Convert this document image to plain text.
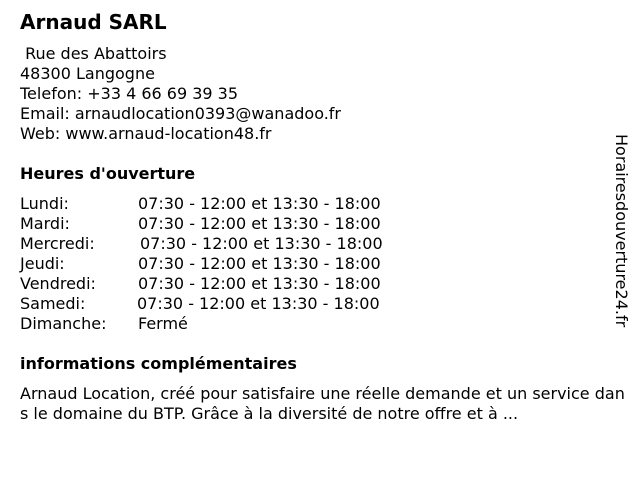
Arnaud SARL
Rue des Abattoirs
48300 Langogne
Telefon: +33 4 66 69 39 35
Email: arnaudlocation0393@wanadoo.fr
Web: www.arnaud-location48.fr
Heures d'ouverture
Lundi:	07:30 - 12:00 et 13:30 - 18:00
Mardi:	07:30 - 12:00 et 13:30 - 18:00
Mercredi:	07:30 - 12:00 et 13:30 - 18:00
Jeudi:	07:30 - 12:00 et 13:30 - 18:00
Vendredi:	07:30 - 12:00 et 13:30 - 18:00
Samedi:	07:30 - 12:00 et 13:30 - 18:00
Dimanche: Fermé
informations complémentaires
Arnaud Location, créé pour satisfaire une réelle demande et un service dans le domaine du BTP. Grâce à la diversité de notre offre et à ...
Horairesdouverture24.fr
